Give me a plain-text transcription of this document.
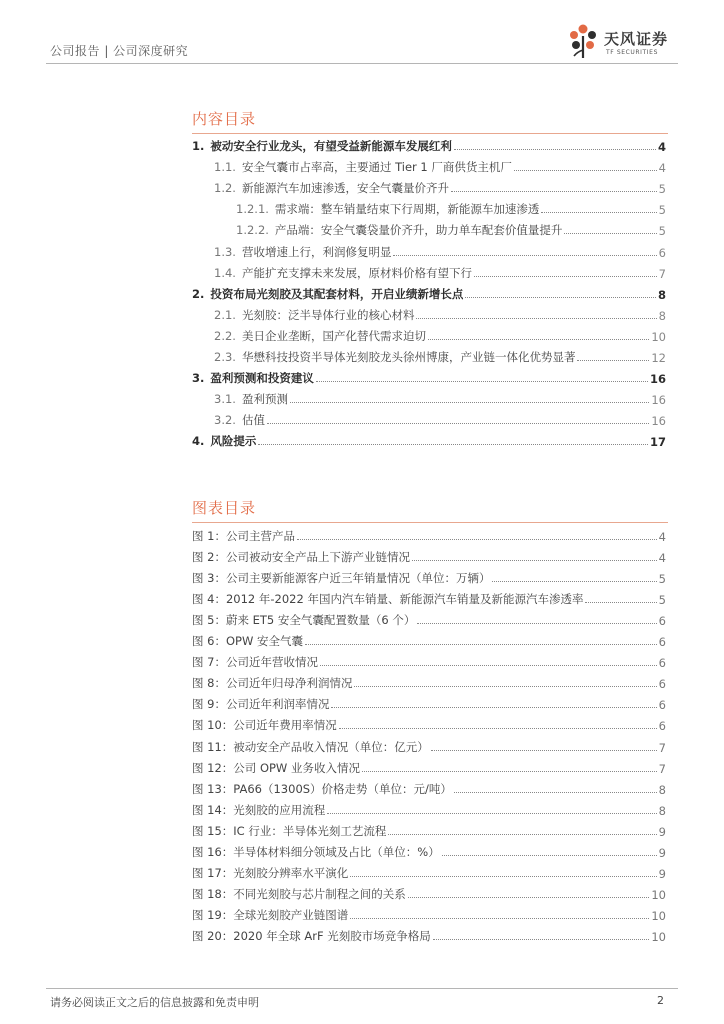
公司报告 | 公司深度研究
天风证券
TF SECURITIES
内容目录
1. 被动安全行业龙头，有望受益新能源车发展红利	4
1.1. 安全气囊市占率高，主要通过 Tier 1 厂商供货主机厂	4
1.2. 新能源汽车加速渗透，安全气囊量价齐升	5
1.2.1. 需求端：整车销量结束下行周期，新能源车加速渗透	5
1.2.2. 产品端：安全气囊袋量价齐升，助力单车配套价值量提升	5
1.3. 营收增速上行，利润修复明显	6
1.4. 产能扩充支撑未来发展，原材料价格有望下行	7
2. 投资布局光刻胶及其配套材料，开启业绩新增长点	8
2.1. 光刻胶：泛半导体行业的核心材料	8
2.2. 美日企业垄断，国产化替代需求迫切	10
2.3. 华懋科技投资半导体光刻胶龙头徐州博康，产业链一体化优势显著	12
3. 盈利预测和投资建议	16
3.1. 盈利预测	16
3.2. 估值	16
4. 风险提示	17
图表目录
图 1：公司主营产品	4
图 2：公司被动安全产品上下游产业链情况	4
图 3：公司主要新能源客户近三年销量情况（单位：万辆）	5
图 4：2012 年-2022 年国内汽车销量、新能源汽车销量及新能源汽车渗透率	5
图 5：蔚来 ET5 安全气囊配置数量（6 个）	6
图 6：OPW 安全气囊	6
图 7：公司近年营收情况	6
图 8：公司近年归母净利润情况	6
图 9：公司近年利润率情况	6
图 10：公司近年费用率情况	6
图 11：被动安全产品收入情况（单位：亿元）	7
图 12：公司 OPW 业务收入情况	7
图 13：PA66（1300S）价格走势（单位：元/吨）	8
图 14：光刻胶的应用流程	8
图 15：IC 行业：半导体光刻工艺流程	9
图 16：半导体材料细分领域及占比（单位：%）	9
图 17：光刻胶分辨率水平演化	9
图 18：不同光刻胶与芯片制程之间的关系	10
图 19：全球光刻胶产业链图谱	10
图 20：2020 年全球 ArF 光刻胶市场竞争格局	10
请务必阅读正文之后的信息披露和免责申明	2
